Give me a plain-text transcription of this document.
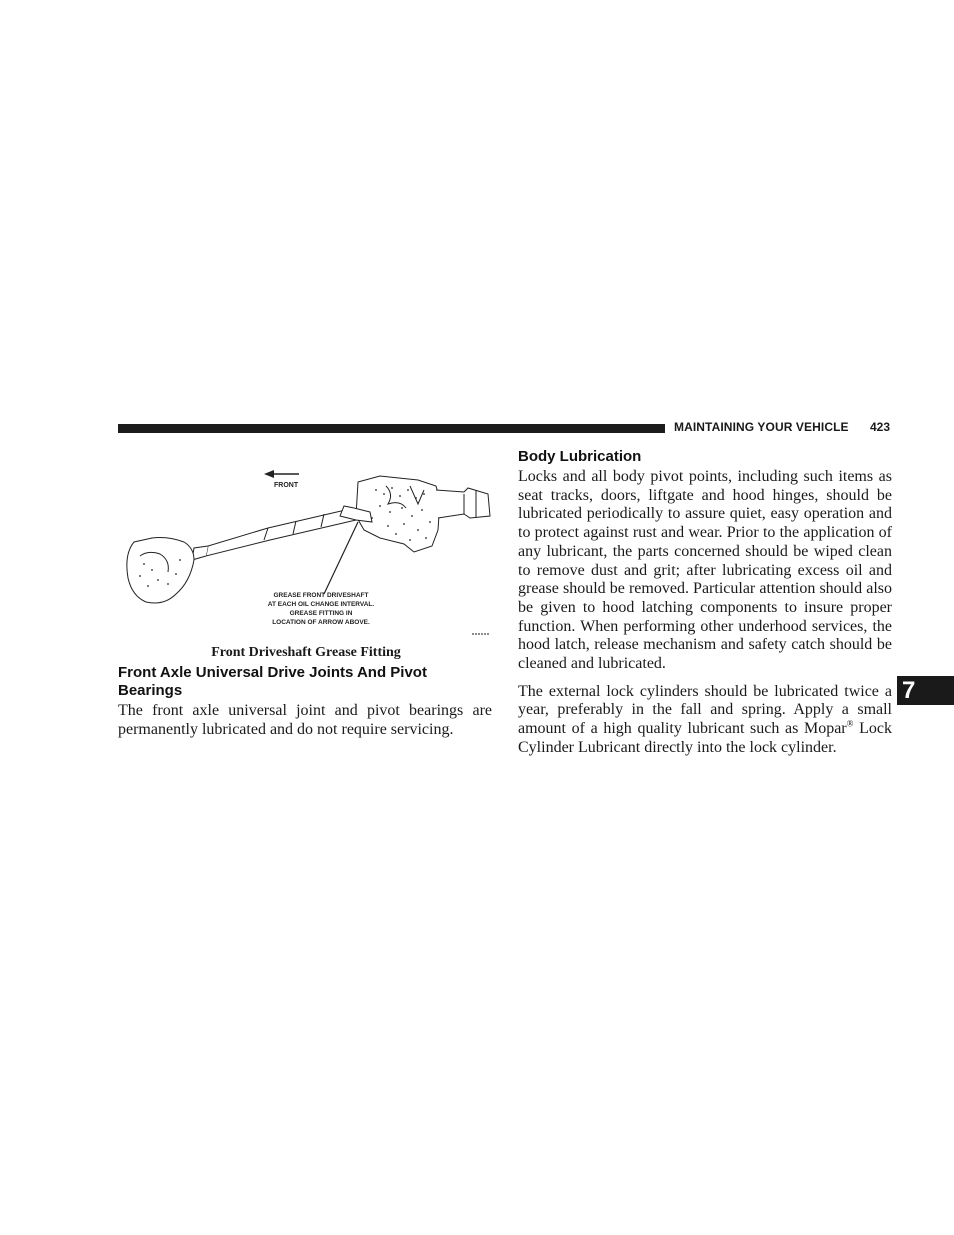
MAINTAINING YOUR VEHICLE 423
FRONT
GREASE FRONT DRIVESHAFT
AT EACH OIL CHANGE INTERVAL.
GREASE FITTING IN
LOCATION OF ARROW ABOVE.
Front Driveshaft Grease Fitting
Front Axle Universal Drive Joints And Pivot Bearings

The front axle universal joint and pivot bearings are permanently lubricated and do not require servicing.

Body Lubrication

Locks and all body pivot points, including such items as seat tracks, doors, liftgate and hood hinges, should be lubricated periodically to assure quiet, easy operation and to protect against rust and wear. Prior to the application of any lubricant, the parts concerned should be wiped clean to remove dust and grit; after lubricating excess oil and grease should be removed. Particular attention should also be given to hood latching components to insure proper function. When performing other underhood services, the hood latch, release mechanism and safety catch should be cleaned and lubricated.

The external lock cylinders should be lubricated twice a year, preferably in the fall and spring. Apply a small amount of a high quality lubricant such as Mopar® Lock Cylinder Lubricant directly into the lock cylinder.

7
